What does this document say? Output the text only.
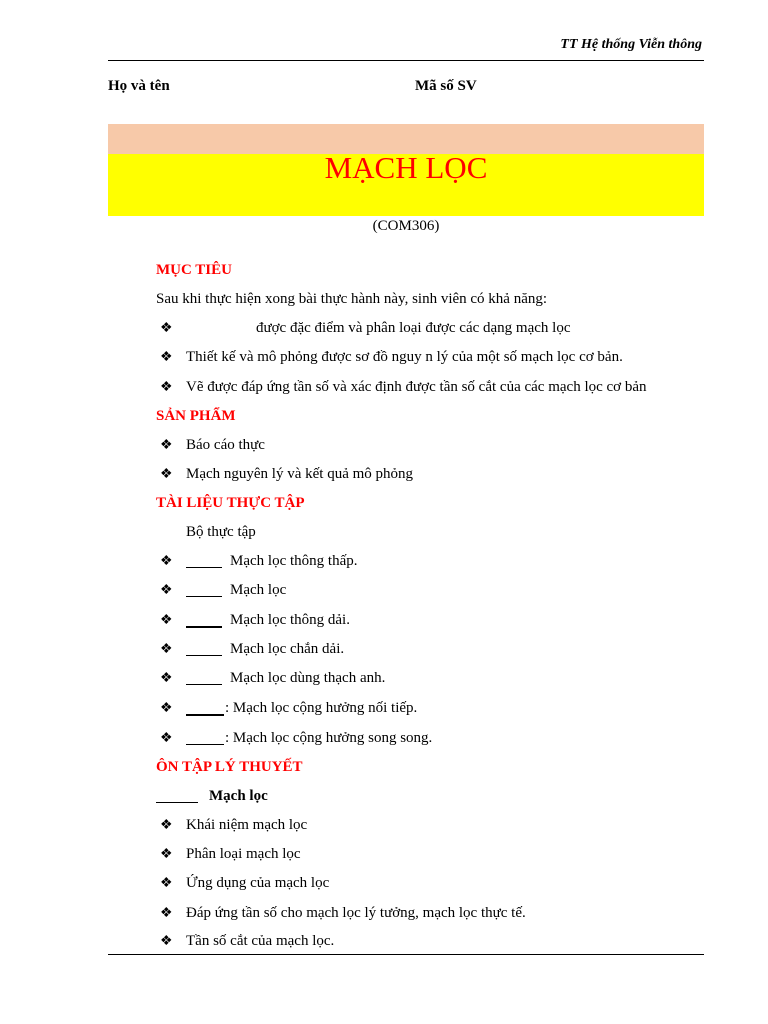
TT Hệ thống Viễn thông
Họ và tên	Mã số SV
MẠCH LỌC
(COM306)
MỤC TIÊU
Sau khi thực hiện xong bài thực hành này, sinh viên có khả năng:
❖	được đặc điểm và phân loại được các dạng mạch lọc
❖ Thiết kế và mô phỏng được sơ đồ nguy n lý của một số mạch lọc cơ bản.
❖ Vẽ được đáp ứng tần số và xác định được tần số cắt của các mạch lọc cơ bản
SẢN PHẨM
❖ Báo cáo thực
❖ Mạch nguyên lý và kết quả mô phỏng
TÀI LIỆU THỰC TẬP
Bộ thực tập
❖	Mạch lọc thông thấp.
❖	Mạch lọc
❖	Mạch lọc thông dải.
❖	Mạch lọc chắn dải.
❖	Mạch lọc dùng thạch anh.
❖	: Mạch lọc cộng hưởng nối tiếp.
❖	: Mạch lọc cộng hưởng song song.
ÔN TẬP LÝ THUYẾT
Mạch lọc
❖ Khái niệm mạch lọc
❖ Phân loại mạch lọc
❖ Ứng dụng của mạch lọc
❖ Đáp ứng tần số cho mạch lọc lý tưởng, mạch lọc thực tế.
❖ Tần số cắt của mạch lọc.
